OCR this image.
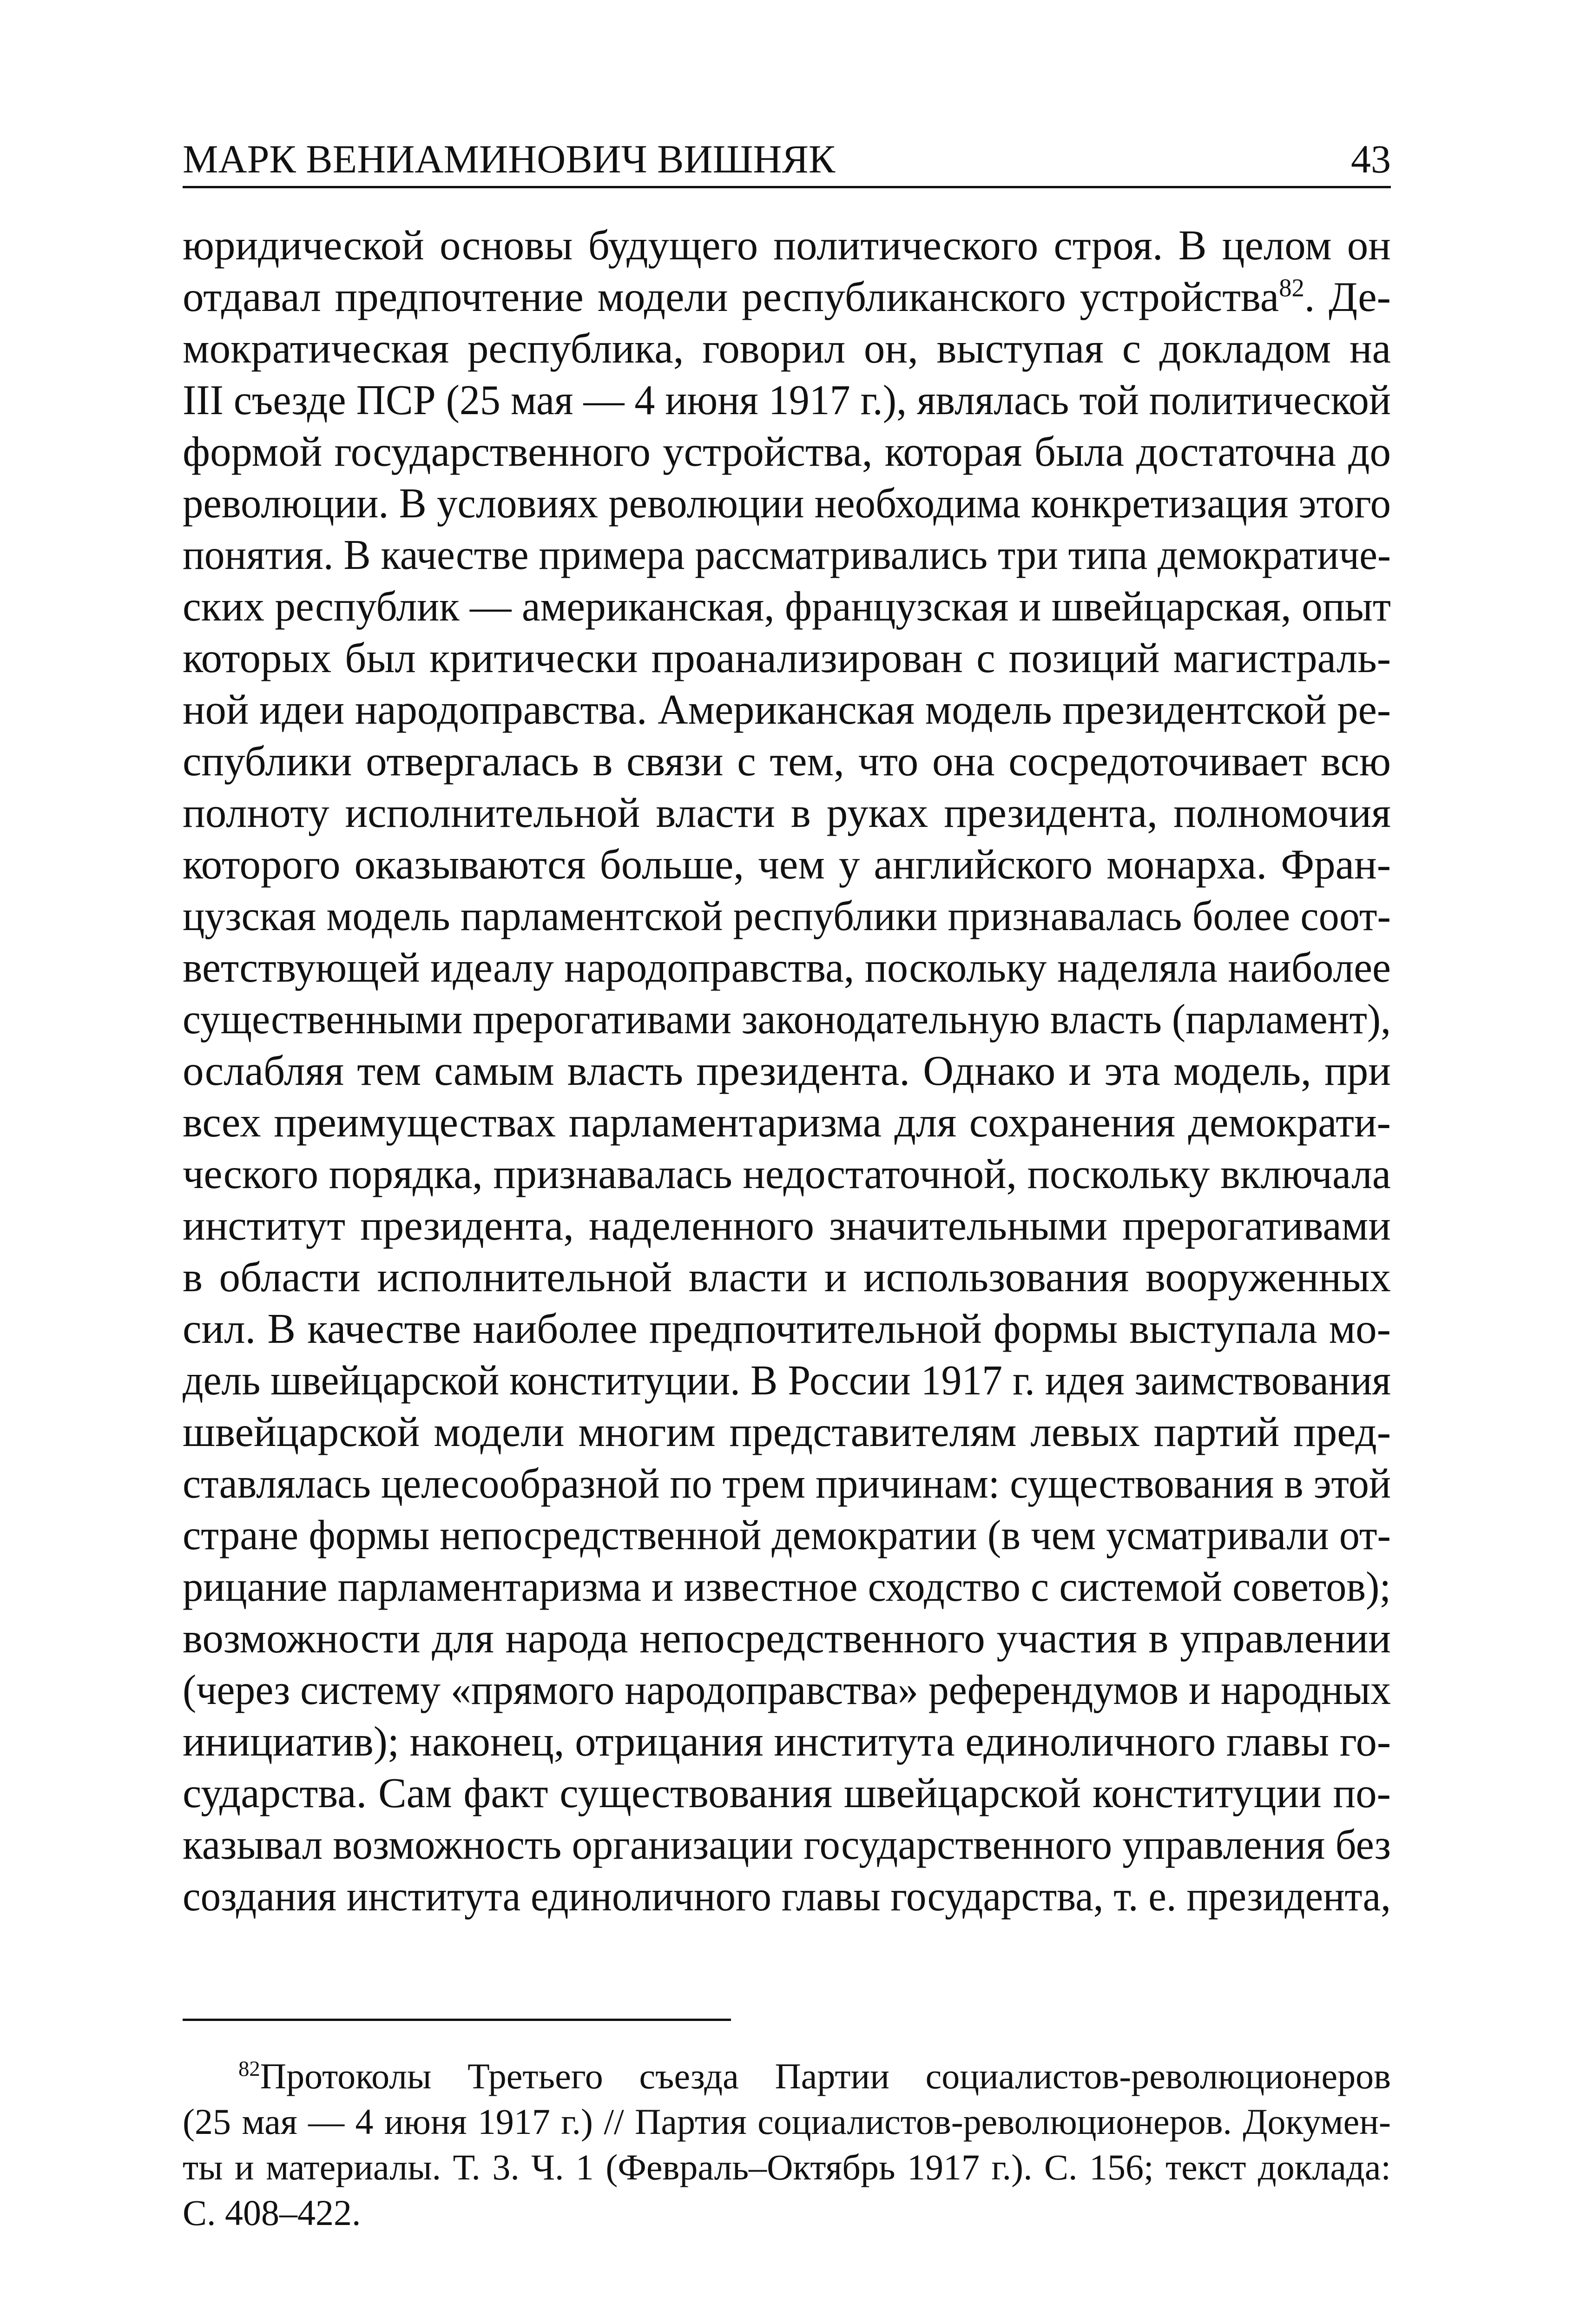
МАРК ВЕНИАМИНОВИЧ ВИШНЯК	43
юридической основы будущего политического строя. В целом он
отдавал предпочтение модели республиканского устройства$^{82}$. Де-
мократическая республика, говорил он, выступая с докладом на
III съезде ПСР (25 мая — 4 июня 1917 г.), являлась той политической
формой государственного устройства, которая была достаточна до
революции. В условиях революции необходима конкретизация этого
понятия. В качестве примера рассматривались три типа демократиче-
ских республик — американская, французская и швейцарская, опыт
которых был критически проанализирован с позиций магистраль-
ной идеи народоправства. Американская модель президентской ре-
спублики отвергалась в связи с тем, что она сосредоточивает всю
полноту исполнительной власти в руках президента, полномочия
которого оказываются больше, чем у английского монарха. Фран-
цузская модель парламентской республики признавалась более соот-
ветствующей идеалу народоправства, поскольку наделяла наиболее
существенными прерогативами законодательную власть (парламент),
ослабляя тем самым власть президента. Однако и эта модель, при
всех преимуществах парламентаризма для сохранения демократи-
ческого порядка, признавалась недостаточной, поскольку включала
институт президента, наделенного значительными прерогативами
в области исполнительной власти и использования вооруженных
сил. В качестве наиболее предпочтительной формы выступала мо-
дель швейцарской конституции. В России 1917 г. идея заимствования
швейцарской модели многим представителям левых партий пред-
ставлялась целесообразной по трем причинам: существования в этой
стране формы непосредственной демократии (в чем усматривали от-
рицание парламентаризма и известное сходство с системой советов);
возможности для народа непосредственного участия в управлении
(через систему «прямого народоправства» референдумов и народных
инициатив); наконец, отрицания института единоличного главы го-
сударства. Сам факт существования швейцарской конституции по-
казывал возможность организации государственного управления без
создания института единоличного главы государства, т. е. президента,
$^{82}$Протоколы Третьего съезда Партии социалистов-революционеров
(25 мая — 4 июня 1917 г.) // Партия социалистов-революционеров. Докумен-
ты и материалы. Т. 3. Ч. 1 (Февраль–Октябрь 1917 г.). С. 156; текст доклада:
С. 408–422.
